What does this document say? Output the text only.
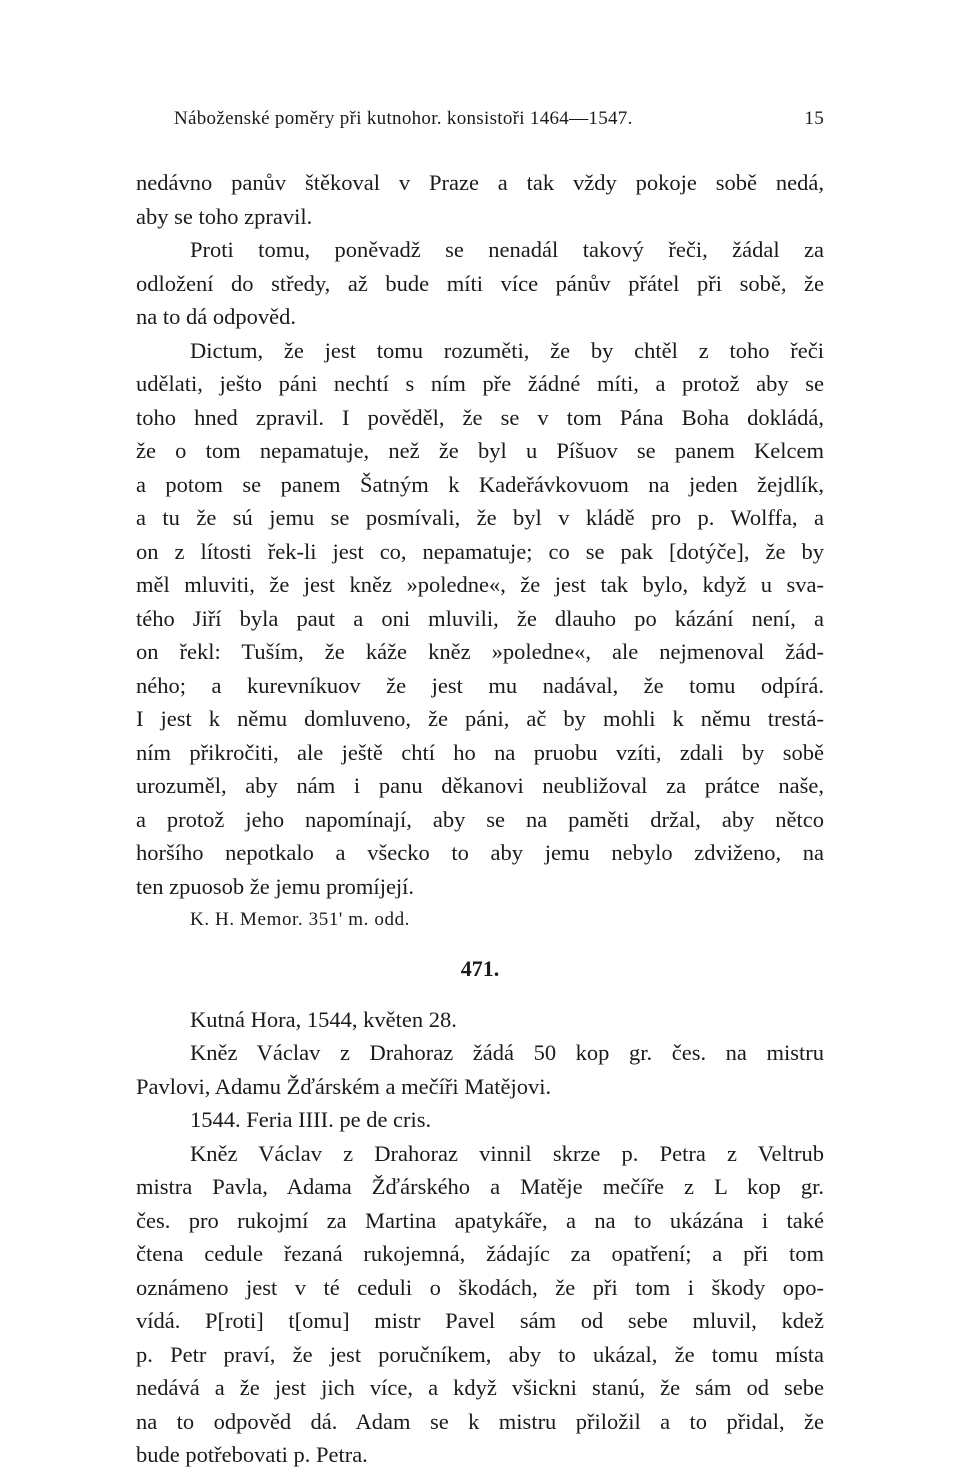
Náboženské poměry při kutnohor. konsistoři 1464—1547.	15
nedávno panův štěkoval v Praze a tak vždy pokoje sobě nedá,
aby se toho zpravil.
Proti tomu, poněvadž se nenadál takový řeči, žádal za
odložení do středy, až bude míti více pánův přátel při sobě, že
na to dá odpověd.
Dictum, že jest tomu rozuměti, že by chtěl z toho řeči
udělati, ješto páni nechtí s ním pře žádné míti, a protož aby se
toho hned zpravil. I pověděl, že se v tom Pána Boha dokládá,
že o tom nepamatuje, než že byl u Píšuov se panem Kelcem
a potom se panem Šatným k Kadeřávkovuom na jeden žejdlík,
a tu že sú jemu se posmívali, že byl v kládě pro p. Wolffa, a
on z lítosti řek-li jest co, nepamatuje; co se pak [dotýče], že by
měl mluviti, že jest kněz »poledne«, že jest tak bylo, když u sva-
tého Jiří byla paut a oni mluvili, že dlauho po kázání není, a
on řekl: Tuším, že káže kněz »poledne«, ale nejmenoval žád-
ného; a kurevníkuov že jest mu nadával, že tomu odpírá.
I jest k němu domluveno, že páni, ač by mohli k němu trestá-
ním přikročiti, ale ještě chtí ho na pruobu vzíti, zdali by sobě
urozuměl, aby nám i panu děkanovi neubližoval za prátce naše,
a protož jeho napomínají, aby se na paměti držal, aby nětco
horšího nepotkalo a všecko to aby jemu nebylo zdviženo, na
ten zpuosob že jemu promíjejí.
K. H. Memor. 351' m. odd.
471.
Kutná Hora, 1544, květen 28.
Kněz Václav z Drahoraz žádá 50 kop gr. čes. na mistru
Pavlovi, Adamu Žďárském a mečíři Matějovi.
1544. Feria IIII. pe de cris.
Kněz Václav z Drahoraz vinnil skrze p. Petra z Veltrub
mistra Pavla, Adama Žďárského a Matěje mečíře z L kop gr.
čes. pro rukojmí za Martina apatykáře, a na to ukázána i také
čtena cedule řezaná rukojemná, žádajíc za opatření; a při tom
oznámeno jest v té ceduli o škodách, že při tom i škody opo-
vídá. P[roti] t[omu] mistr Pavel sám od sebe mluvil, kdež
p. Petr praví, že jest poručníkem, aby to ukázal, že tomu místa
nedává a že jest jich více, a když všickni stanú, že sám od sebe
na to odpověd dá. Adam se k mistru přiložil a to přidal, že
bude potřebovati p. Petra.
